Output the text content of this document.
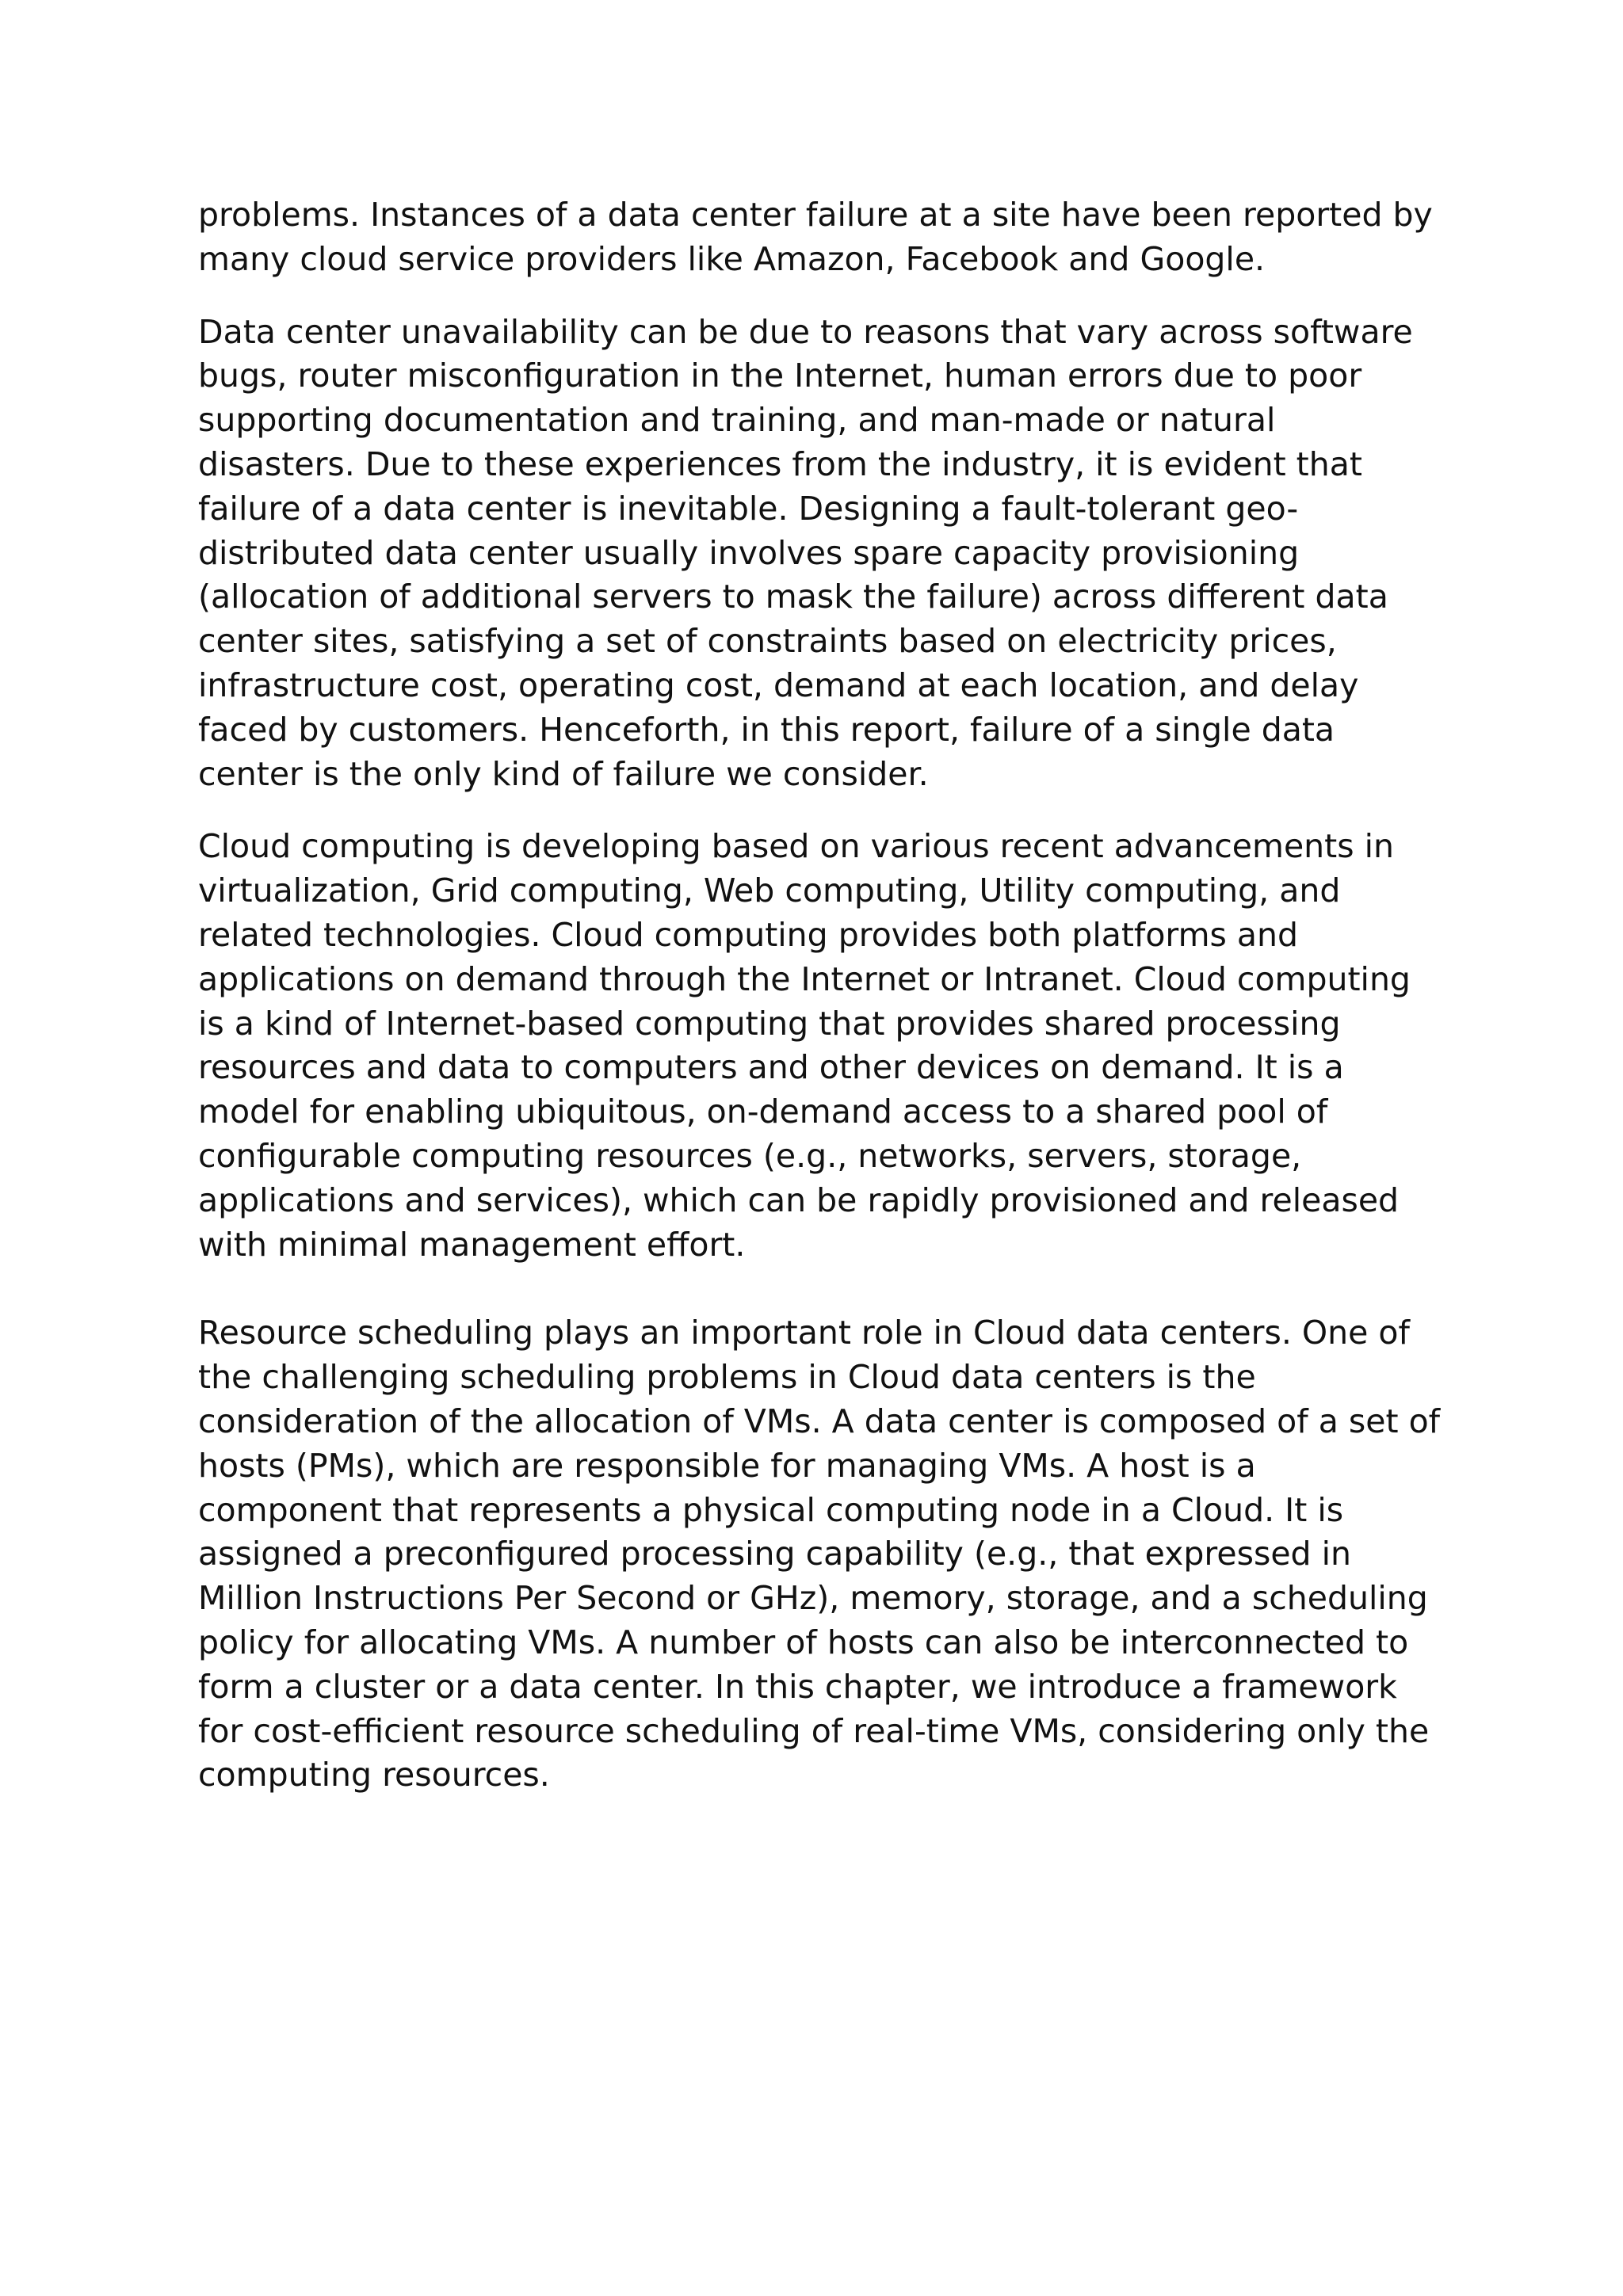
problems. Instances of a data center failure at a site have been reported by many cloud service providers like Amazon, Facebook and Google.

Data center unavailability can be due to reasons that vary across software bugs, router misconfiguration in the Internet, human errors due to poor supporting documentation and training, and man-made or natural disasters. Due to these experiences from the industry, it is evident that failure of a data center is inevitable. Designing a fault-tolerant geo-distributed data center usually involves spare capacity provisioning (allocation of additional servers to mask the failure) across different data center sites, satisfying a set of constraints based on electricity prices, infrastructure cost, operating cost, demand at each location, and delay faced by customers. Henceforth, in this report, failure of a single data center is the only kind of failure we consider.

Cloud computing is developing based on various recent advancements in virtualization, Grid computing, Web computing, Utility computing, and related technologies. Cloud computing provides both platforms and applications on demand through the Internet or Intranet. Cloud computing is a kind of Internet-based computing that provides shared processing resources and data to computers and other devices on demand. It is a model for enabling ubiquitous, on-demand access to a shared pool of configurable computing resources (e.g., networks, servers, storage, applications and services), which can be rapidly provisioned and released with minimal management effort.

Resource scheduling plays an important role in Cloud data centers. One of the challenging scheduling problems in Cloud data centers is the consideration of the allocation of VMs. A data center is composed of a set of hosts (PMs), which are responsible for managing VMs. A host is a component that represents a physical computing node in a Cloud. It is assigned a preconfigured processing capability (e.g., that expressed in Million Instructions Per Second or GHz), memory, storage, and a scheduling policy for allocating VMs. A number of hosts can also be interconnected to form a cluster or a data center. In this chapter, we introduce a framework for cost-efficient resource scheduling of real-time VMs, considering only the computing resources.
